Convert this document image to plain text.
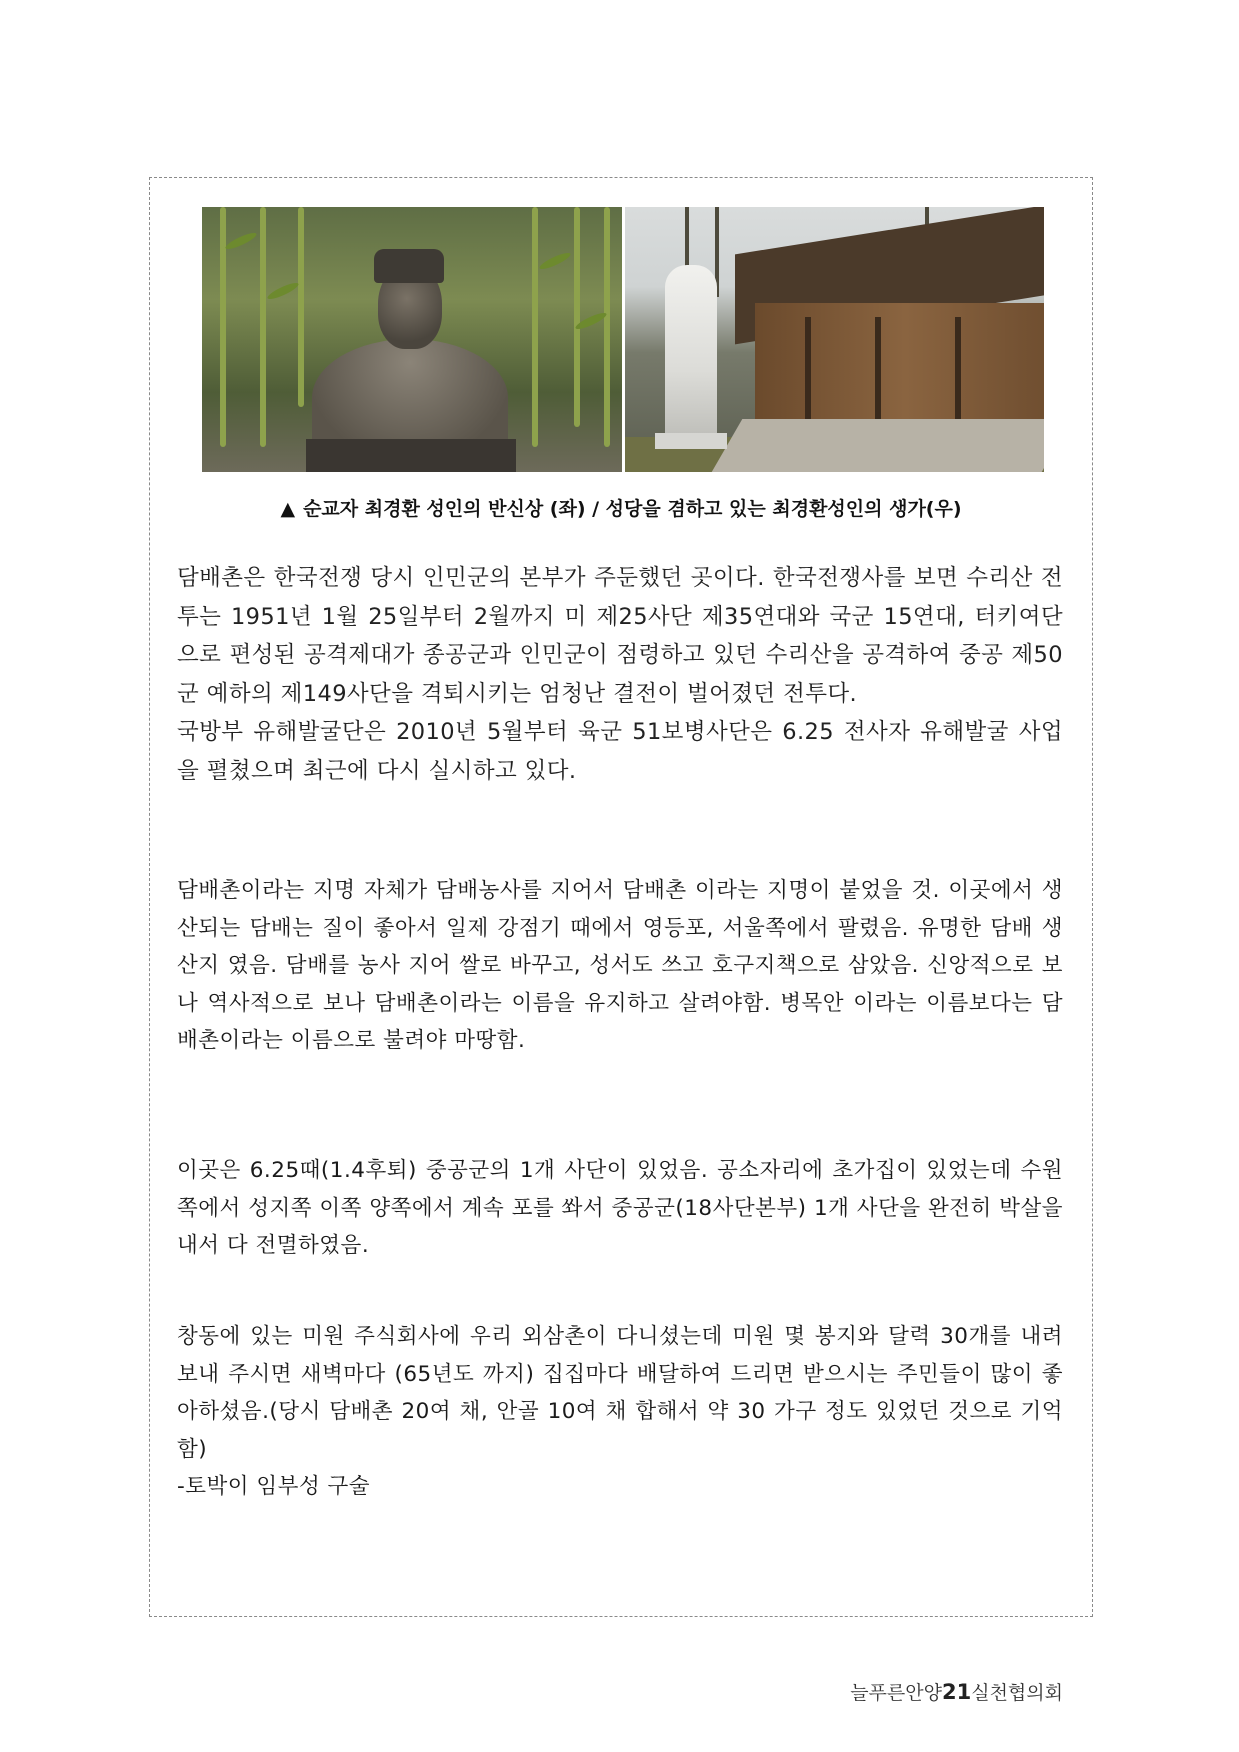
▲ 순교자 최경환 성인의 반신상 (좌) / 성당을 겸하고 있는 최경환성인의 생가(우)

담배촌은 한국전쟁 당시 인민군의 본부가 주둔했던 곳이다. 한국전쟁사를 보면 수리산 전투는 1951년 1월 25일부터 2월까지 미 제25사단 제35연대와 국군 15연대, 터키여단으로 편성된 공격제대가 종공군과 인민군이 점령하고 있던 수리산을 공격하여 중공 제50군 예하의 제149사단을 격퇴시키는 엄청난 결전이 벌어졌던 전투다.

국방부 유해발굴단은 2010년 5월부터 육군 51보병사단은 6.25 전사자 유해발굴 사업을 펼쳤으며 최근에 다시 실시하고 있다.

담배촌이라는 지명 자체가 담배농사를 지어서 담배촌 이라는 지명이 붙었을 것. 이곳에서 생산되는 담배는 질이 좋아서 일제 강점기 때에서 영등포, 서울쪽에서 팔렸음. 유명한 담배 생산지 였음. 담배를 농사 지어 쌀로 바꾸고, 성서도 쓰고 호구지책으로 삼았음. 신앙적으로 보나 역사적으로 보나 담배촌이라는 이름을 유지하고 살려야함. 병목안 이라는 이름보다는 담배촌이라는 이름으로 불려야 마땅함.

이곳은 6.25때(1.4후퇴) 중공군의 1개 사단이 있었음. 공소자리에 초가집이 있었는데 수원쪽에서 성지쪽 이쪽 양쪽에서 계속 포를 쏴서 중공군(18사단본부) 1개 사단을 완전히 박살을 내서 다 전멸하였음.

창동에 있는 미원 주식회사에 우리 외삼촌이 다니셨는데 미원 몇 봉지와 달력 30개를 내려 보내 주시면 새벽마다 (65년도 까지) 집집마다 배달하여 드리면 받으시는 주민들이 많이 좋아하셨음.(당시 담배촌 20여 채, 안골 10여 채 합해서 약 30 가구 정도 있었던 것으로 기억함)

-토박이 임부성 구술

늘푸른안양21실천협의회
